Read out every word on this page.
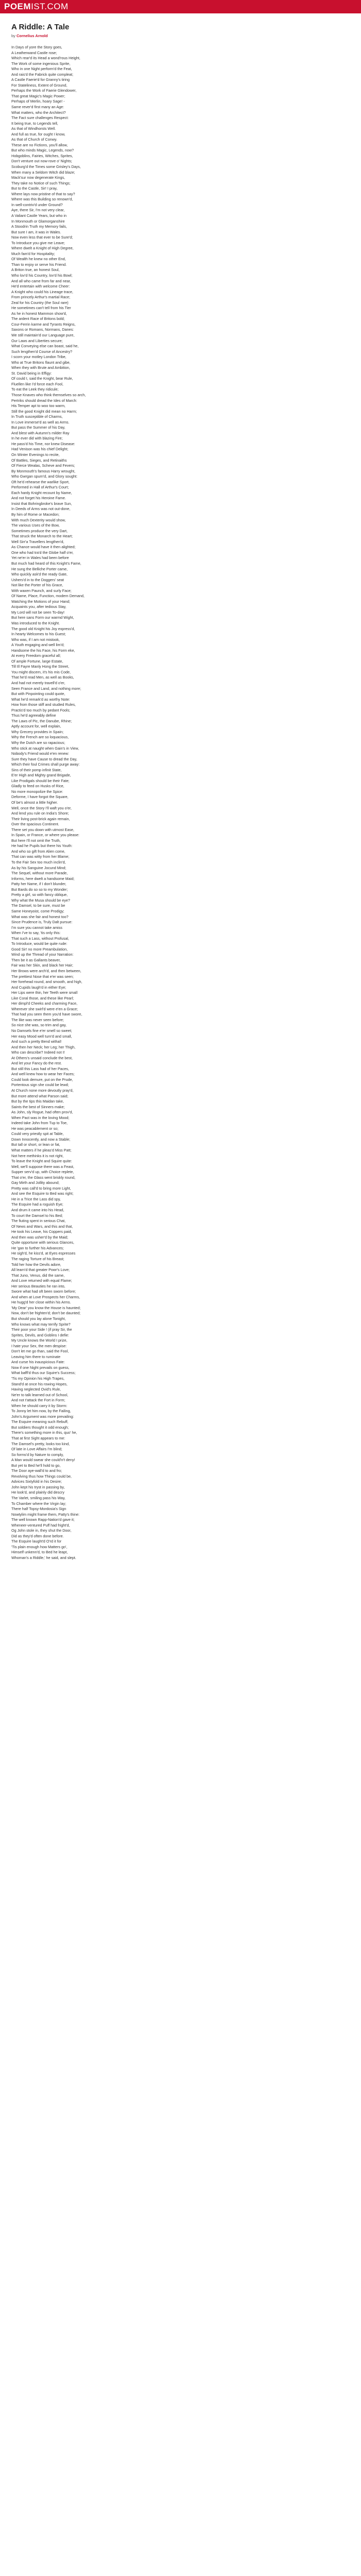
POEMIST.COM
A Riddle: A Tale
by Cornelius Arnold
In Days of yore the Story goes,
A Leatherwand Castle rose;
Which rear'd its Head a wond'rous Height,
The Work of some ingenious Sprite,
Who in one Night perform'd the Feat,
And rais'd the Fabrick quite compleat;
A Castle Faerie'd for Granny's tiring
For Stateliness, Extent of Ground,
Perhaps the Work of Faerie Glendower,
That great Magic's Magic Power;
Perhaps of Merlin, hoary Sage! -
Same rever'd first many an Age:
What matters, who the Architect?
The Fact sure challenges Respect:
It being true, to Legends tell,
As that of Windhorsts Well.
And full as true, for ought I know,
As that of Church of Conwy.
These are no Fictions, you'll allow,
But who minds Magic, Legends, now?
Hobgoblins, Fairies, Witches, Sprites,
Don't venture out now-rove o' Nights;
Scoburg'd the Times some Grisley's Days,
When many a Seldom Witch did blaze;
Mack'sur now degenerate Kings,
They take no Notice of such Things;
But to the Castle, Sir! I pray,
Where lays now pristine of that to say?
Where was this Building so renown'd,
In well-contriv'd under Ground?
Aye, there Sir, I'm not very clear,
A Valiant Castle Years, but who in
In Monmouth or Glamorganshire
A Stoodrin Truth my Memory fails,
But sure I am, it was in Wales.
Now even less that ever to be Sure'd;
To Introduce you give me Leave;
Where dwelt a Knight of High Degree,
Much fam'd for Hospitality;
Of Wealth he knew no other End,
Than to enjoy or serve his Friend.
A Briton true, an honest Soul,
Who lov'd his Country, lov'd his Bowl;
And all who came from far and near,
He'd entertain with welcome Cheer:
A Knight who could his Lineage trace,
From princely Arthur's martial Race;
Zeal for his Country (the Soul rare)
He sometimes can't tell from his Tier
As he in honest Mammon show'd,
The ardent Race of Britons bold;
Cour-Ferrin karme and Tyrants Reigns,
Saxons or Romans, Normans, Danes:
We still maintain'd our Language pure,
Our Laws and Liberties secure;
What Conveying else can boast, said he,
Such lengthen'd Course of Ancestry?
I scorn your motley London Tribe,
Who at True Britons flaunt and gibe,
When they with Brute and Ambition,
St. David being in Effigy:
Of could I, said the Knight, bear Rule,
Fluellen like I'd force each Fool,
To eat the Leek they ridicule;
Those Knaves who think themselves so arch,
Pertriks should dread the Ides of March:
His Temper apt to woo too warm,
Still the good Knight did mean no Harm;
In Truth susceptible of Charms,
In Love immerse'd as well as Arms.
But pass the Summer of his Day,
And blest with Autumn's milder Ray
In he ever did with blazing Fire;
He pass'd his Time, nor knew Disease:
Had Venison was his chief Delight;
On Winter Evenings to recite,
Of Battles, Sieges, and Retinaiths
Of Fierce Wealas, Scheve and Fevers;
By Monmouth's famous Harry wrought,
Who Gwrgan spurn'd, and Glory sought:
Oft he'd rehearse the warlike Sport,
Performed in Hall of Arthur's Court;
Each hardy Knight recount by Name,
And not forget his Heroine Fame.
Insist that Bohringbroke's brave Sun,
In Deeds of Arms was not out-done,
By him of Rome or Macedon;
With much Dexterity would show,
The various Uses of the Bow,
Sometimes produce the very Dart,
That struck the Monarch to the Heart;
Well Sirr'a Travellers lengthen'd,
As Chance would have it then alighted;
One who had tra'd the Globe half o'er,
Yet ne'er in Wales had been before
But much had heard of this Knight's Fame,
He sung the Belliche Porter came,
Who quickly ask'd the ready Gate,
Ushers'd in to the Doggers' seat
Not like the Porter of his Grace,
With waxen Paunch, and surly Face;
Of Name, Place, Function, modern Demand,
Watching the Motions of your Hand;
Acquaints you, after tedious Stay,
My Lord will not be seen To-day!
But here sans Form our warmd Wight,
Was introduced to the Knight.
The good old Knight his Joy express'd,
In hearty Welcomes to his Guest;
Who was, if I am not mistook,
A Youth engaging and well lim'd;
Handsome the his Face, his Form eke,
At every Freedom graceful all;
Of ample Fortune, large Estate,
Till Ill Fayre Manly Hong the Street,
You might discern, it's his mis Code,
That he'd read Men, as well as Books,
And had not merely travell'd o'er,
Seen France and Land, and nothing more;
But with Pinpointing could quote,
What he'd remark'd as worthy Note:
How from those stiff and studied Rules,
Practis'd too much by pedant Fools;
Thus he'd agreeably define
The Laws of Pic, the Danube, Rhine;
Aptly account for, well explain,
Why Grecery provides in Spain;
Why the French are so loquacious,
Why the Dutch are so rapacious;
Who stick at naught when Gain's in View,
Nobody's Friend would e'en renew:
Sure they have Cause to dread the Day,
Which their foul Crimes shall purge away:
Sins of their pomp infinit State,
E'er High and Mighty grand Brigade,
Like Prodigals should be their Fate;
Gladly to feed on Husks of Rice,
No more monopolize the Spice:
Deforme, I have forgot the Square,
Of be's almost a little higher.
Well, once the Story I'll waft you o'er,
And lend you rule on India's Shore;
Their living post-brick again remain,
Over the spacious Continent.
There set you down with utmost Ease,
In Spain, or France, or where you please:
But here I'll not omit the Truth,
He had he Pupils but there his Youth:
And who so gift from Alien come,
That can was witty from her Blame;
To the Fair Sex too much inclin'd,
As by his Sanguine Jocund Mind;
The Sequel, without more Parade,
Informs, here dwelt a handsome Maid;
Patty her Name, if I don't blunder,
But Bards do so so to my Wonder;
Pretty a girl, so with fancy oblique,
Why what the Musa should be eye?
The Damsel, to be sure, must be
Same Honeyoist, come Prodigy;
What was she fair and honest too?
Since Prudence is, Truly Dalt pursue:
I'm sure you cannot take amiss
When I've to say, 'tis only this:
That such a Lass, without Profusal,
To Introduce, would be quite rude:
Good Sir! no more Preambulation,
Wind up the Thread of your Narration:
Then be it as Gallants beaver,
Fair was her Skin, and black her Hair;
Her Brows were arch'd, and then between,
The prettiest Nose that e'er was seen;
Her forehead round, and smooth, and high,
And Cupids laugh'd in either Eye;
Her Lips were thin, her Teeth were small
Like Coral those, and these like Pearl;
Her dimpl'd Cheeks and charming Face,
Wherever she swirl'd were e'en a Grace;
That had you seen them you'd have swore,
The like was never seen before;
So nice she was, so trim and gay,
No Damsels fine e'er smell so sweet;
Her easy Mood well turn'd and small,
And such a pretty Bend withal!
And then her Neck; her Leg; her Thigh,
Who can describe? Indeed not I!
At Others's unsaid conclude the best,
And let your Fancy do the rest.
But still this Lass had of her Paces,
And well knew how to wear her Faces;
Could look demure, put on the Prude,
Portentous sign she could be lewd;
At Church none more devoutly pray'd,
But more attend what Parson said;
But by the tips this Maidan take,
Saints the best of Sinners make;
As John, sly Rogue, had often prov'd,
When Pact was in the loving Mood;
Indeed take John from Tup to Toe,
He was peacablement or so;
Could very priestly spit at Table,
Down Innocently, and now a Stable;
But tall or short, or lean or fat,
What matters if he pleas'd Miss Patt;
Not here methinks it is not right,
To leave the Knight and Squire quite:
Well, we'll suppose there was a Feast,
Supper serv'd up, with Choice replete,
That o'er, the Glass went briskly round,
Gay Mirth and Jollity abound;
Pretty was call'd to bring more Light,
And see the Esquire to Bed was right;
He in a Trice the Lass did spy,
The Esquire had a roguish Eye;
And drum it came into his Head,
To court the Damsel to his Bed;
The fiuting spent in serious Chat,
Of News and Wars, and this and that,
He took his Leave, his Coppers paid,
And then was usher'd by the Maid;
Quite opportune with serious Glances,
He 'gan to further his Advances;
He sigh'd, he kiss'd, at Eyes espresses
The raging Torture of his Breast;
Told her how the Devils adore,
All learn'd that greater Powr's Love;
That Juno, Venus, did the same,
And Love returned with equal Flame;
Her serious Beauties he ran into,
Swore what had oft been sworn before;
And when at Love Prospects her Charms,
He hugg'd her close within his Arms.
'My Dear' you know the House is haunted;
Now, don't be frighten'd; don't be daunted;
But should you lay alone Tonight,
Who knows what may terrify Sprite?
Their poor your Side ! (if pray Sir, the
Sprites, Devils, and Goblins I defie:
My Uncle knows the World I prize,
I hate your Sex, the men despise:
Don't let me go than, said the Fool,
Leaving him there to ruminate
And curse his inauspicious Fate:
Now if one Night prevails on guess,
What baffl'd thus our Squire's Success;
'Tis my Opinion his High Trapes,
Stand'd at once his rowing Hopes,
Having neglected Ovid's Rule,
Ne'er to talk learned out of School,
And not t'attack the Fort in Form;
When he should carry it by Storm:
To Jonny let him now, by the Failing,
John's Argument was more prevailing:
The Esquire meaning such Rebuff,
But soldiers thought it odd enough;
There's something more in this, quo' he,
That at first Sight appears to me:
The Damsel's pretty, looks too kind,
Of late in Love Affairs I'm blind;
So forms'd by Nature to comply,
A Man would swear she could'n't deny!
But yet to Bed he'll hold to go,
The Door aye-wall'd to and fro;
Revolving thus how Things could be,
Advices Sixtyfold in his Desire;
John kept his tryst in passing by,
He look'd, and plainly did descry
The Varlet, smiling pass his Way,
To Chamber where the Virgin lay;
There half Topsy-Mordosia's Sign
Nowtylim might frame them, Patty's thine:
The well known Rapp-Nation'd gave it;
Wheneer-ventured Puff had fright'd,
Og John stole in, they shut the Door,
Did as they'd often done before.
The Esquire laught'd O'rd it for
'Tis plain enough how Matters go',
Himself unkenn'd, to Bed he leapt,
Whoman's a Riddle,' he said, and slept.
